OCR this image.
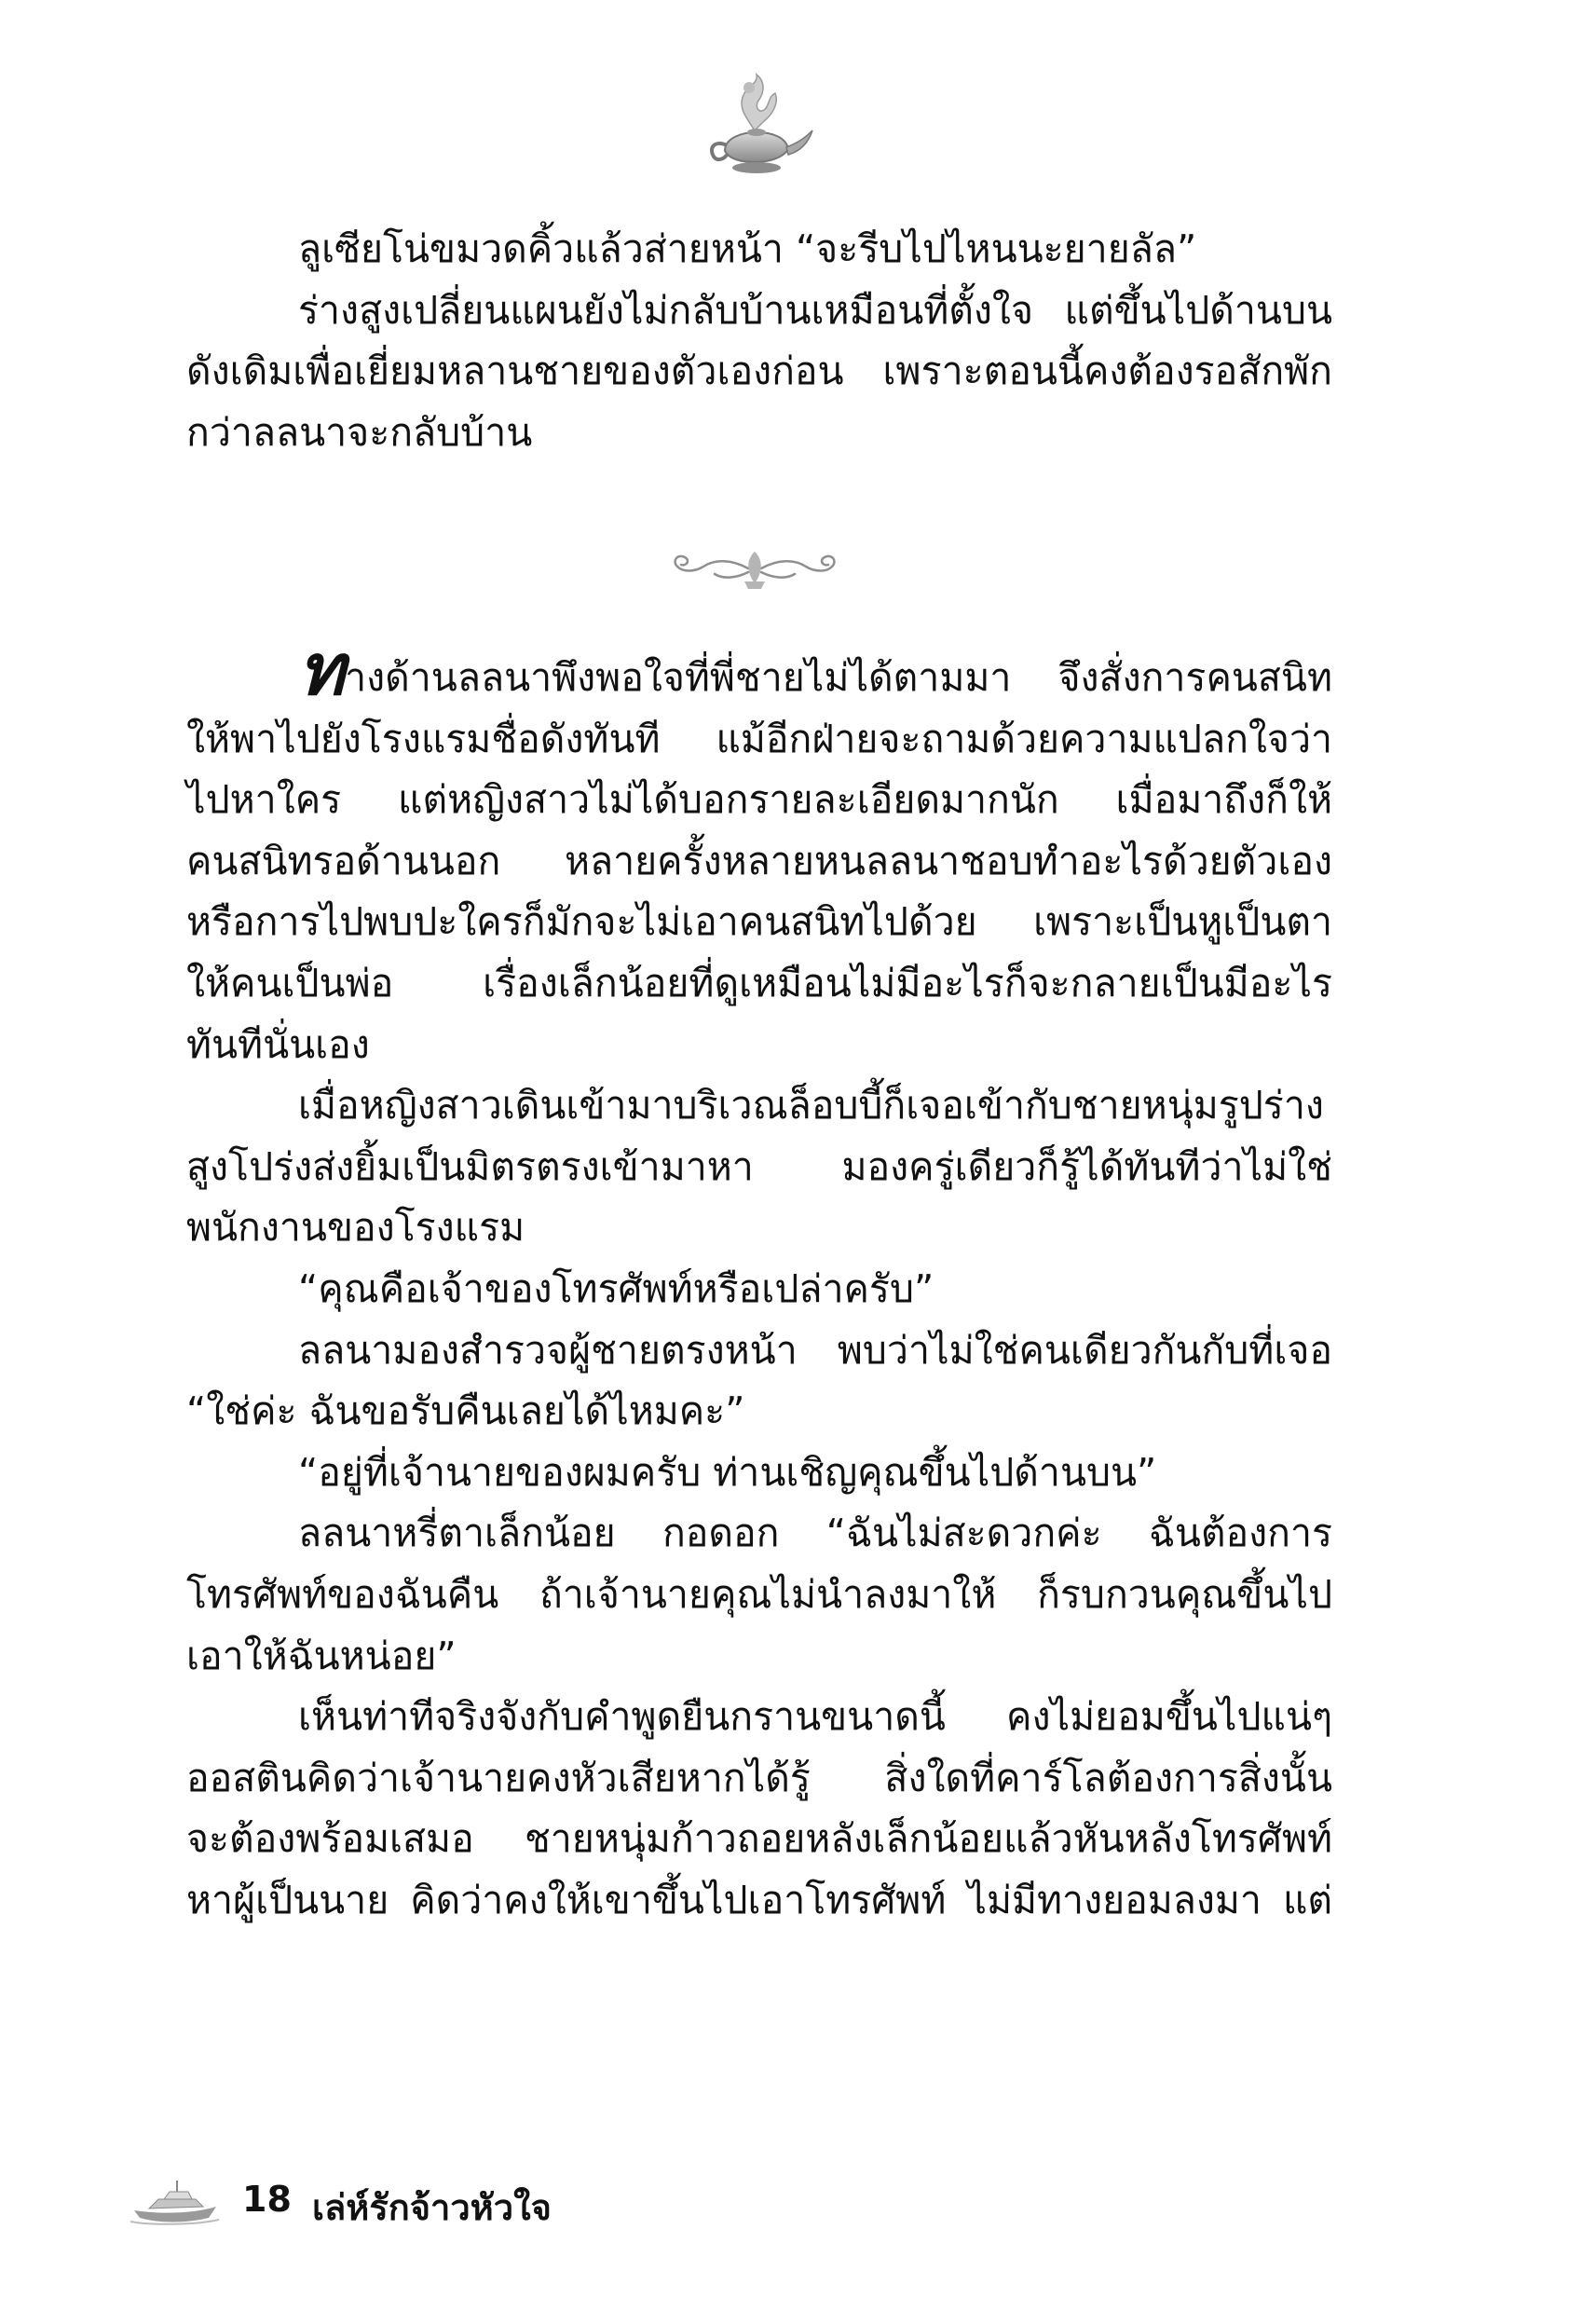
ลูเซียโน่ขมวดคิ้วแล้วส่ายหน้า “จะรีบไปไหนนะยายลัล”
ร่างสูงเปลี่ยนแผนยังไม่กลับบ้านเหมือนที่ตั้งใจ แต่ขึ้นไปด้านบน
ดังเดิมเพื่อเยี่ยมหลานชายของตัวเองก่อน เพราะตอนนี้คงต้องรอสักพัก
กว่าลลนาจะกลับบ้าน
ทางด้านลลนาพึงพอใจที่พี่ชายไม่ได้ตามมา จึงสั่งการคนสนิท
ให้พาไปยังโรงแรมชื่อดังทันที แม้อีกฝ่ายจะถามด้วยความแปลกใจว่า
ไปหาใคร แต่หญิงสาวไม่ได้บอกรายละเอียดมากนัก เมื่อมาถึงก็ให้
คนสนิทรอด้านนอก หลายครั้งหลายหนลลนาชอบทำอะไรด้วยตัวเอง
หรือการไปพบปะใครก็มักจะไม่เอาคนสนิทไปด้วย เพราะเป็นหูเป็นตา
ให้คนเป็นพ่อ เรื่องเล็กน้อยที่ดูเหมือนไม่มีอะไรก็จะกลายเป็นมีอะไร
ทันทีนั่นเอง
เมื่อหญิงสาวเดินเข้ามาบริเวณล็อบบี้ก็เจอเข้ากับชายหนุ่มรูปร่าง
สูงโปร่งส่งยิ้มเป็นมิตรตรงเข้ามาหา มองครู่เดียวก็รู้ได้ทันทีว่าไม่ใช่
พนักงานของโรงแรม
“คุณคือเจ้าของโทรศัพท์หรือเปล่าครับ”
ลลนามองสำรวจผู้ชายตรงหน้า พบว่าไม่ใช่คนเดียวกันกับที่เจอ
“ใช่ค่ะ ฉันขอรับคืนเลยได้ไหมคะ”
“อยู่ที่เจ้านายของผมครับ ท่านเชิญคุณขึ้นไปด้านบน”
ลลนาหรี่ตาเล็กน้อย กอดอก “ฉันไม่สะดวกค่ะ ฉันต้องการ
โทรศัพท์ของฉันคืน ถ้าเจ้านายคุณไม่นำลงมาให้ ก็รบกวนคุณขึ้นไป
เอาให้ฉันหน่อย”
เห็นท่าทีจริงจังกับคำพูดยืนกรานขนาดนี้ คงไม่ยอมขึ้นไปแน่ๆ
ออสตินคิดว่าเจ้านายคงหัวเสียหากได้รู้ สิ่งใดที่คาร์โลต้องการสิ่งนั้น
จะต้องพร้อมเสมอ ชายหนุ่มก้าวถอยหลังเล็กน้อยแล้วหันหลังโทรศัพท์
หาผู้เป็นนาย คิดว่าคงให้เขาขึ้นไปเอาโทรศัพท์ ไม่มีทางยอมลงมา แต่
18 เล่ห์รักจ้าวหัวใจ
